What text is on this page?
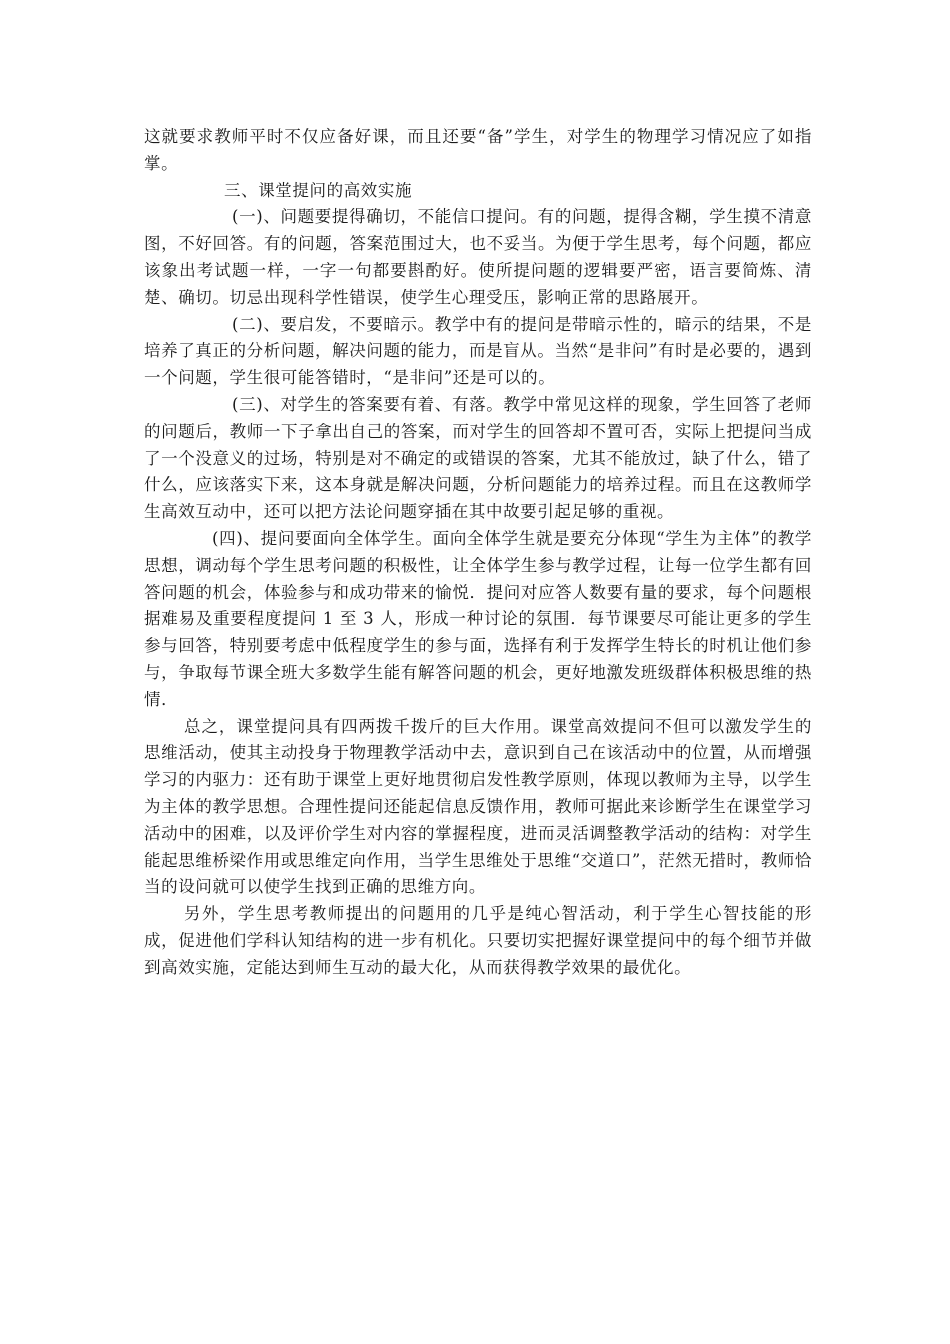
这就要求教师平时不仅应备好课，而且还要“备”学生，对学生的物理学习情况应了如指掌。

三、课堂提问的高效实施

(一)、问题要提得确切，不能信口提问。有的问题，提得含糊，学生摸不清意图，不好回答。有的问题，答案范围过大，也不妥当。为便于学生思考，每个问题，都应该象出考试题一样，一字一句都要斟酌好。使所提问题的逻辑要严密，语言要简炼、清楚、确切。切忌出现科学性错误，使学生心理受压，影响正常的思路展开。

(二)、要启发，不要暗示。教学中有的提问是带暗示性的，暗示的结果，不是培养了真正的分析问题，解决问题的能力，而是盲从。当然“是非问”有时是必要的，遇到一个问题，学生很可能答错时，“是非问”还是可以的。

(三)、对学生的答案要有着、有落。教学中常见这样的现象，学生回答了老师的问题后，教师一下子拿出自己的答案，而对学生的回答却不置可否，实际上把提问当成了一个没意义的过场，特别是对不确定的或错误的答案，尤其不能放过，缺了什么，错了什么，应该落实下来，这本身就是解决问题，分析问题能力的培养过程。而且在这教师学生高效互动中，还可以把方法论问题穿插在其中故要引起足够的重视。

(四)、提问要面向全体学生。面向全体学生就是要充分体现“学生为主体”的教学思想，调动每个学生思考问题的积极性，让全体学生参与教学过程，让每一位学生都有回答问题的机会，体验参与和成功带来的愉悦．提问对应答人数要有量的要求，每个问题根据难易及重要程度提问 1 至 3 人，形成一种讨论的氛围．每节课要尽可能让更多的学生参与回答，特别要考虑中低程度学生的参与面，选择有利于发挥学生特长的时机让他们参与，争取每节课全班大多数学生能有解答问题的机会，更好地激发班级群体积极思维的热情．

总之，课堂提问具有四两拨千拨斤的巨大作用。课堂高效提问不但可以激发学生的思维活动，使其主动投身于物理教学活动中去，意识到自己在该活动中的位置，从而增强学习的内驱力：还有助于课堂上更好地贯彻启发性教学原则，体现以教师为主导，以学生为主体的教学思想。合理性提问还能起信息反馈作用，教师可据此来诊断学生在课堂学习活动中的困难，以及评价学生对内容的掌握程度，进而灵活调整教学活动的结构：对学生能起思维桥梁作用或思维定向作用，当学生思维处于思维“交道口”，茫然无措时，教师恰当的设问就可以使学生找到正确的思维方向。

另外，学生思考教师提出的问题用的几乎是纯心智活动，利于学生心智技能的形成，促进他们学科认知结构的进一步有机化。只要切实把握好课堂提问中的每个细节并做到高效实施，定能达到师生互动的最大化，从而获得教学效果的最优化。
